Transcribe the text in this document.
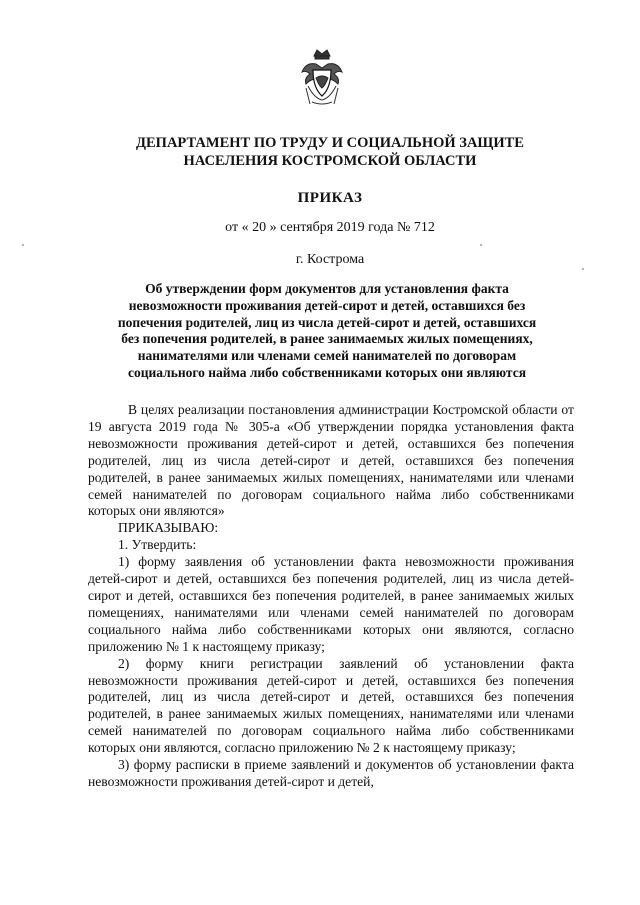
ДЕПАРТАМЕНТ ПО ТРУДУ И СОЦИАЛЬНОЙ ЗАЩИТЕ
НАСЕЛЕНИЯ КОСТРОМСКОЙ ОБЛАСТИ
ПРИКАЗ
от « 20 » сентября 2019 года № 712
г. Кострома
Об утверждении форм документов для установления факта
невозможности проживания детей-сирот и детей, оставшихся без
попечения родителей, лиц из числа детей-сирот и детей, оставшихся
без попечения родителей, в ранее занимаемых жилых помещениях,
нанимателями или членами семей нанимателей по договорам
социального найма либо собственниками которых они являются

В целях реализации постановления администрации Костромской области от 19 августа 2019 года № 305-а «Об утверждении порядка установления факта невозможности проживания детей-сирот и детей, оставшихся без попечения родителей, лиц из числа детей-сирот и детей, оставшихся без попечения родителей, в ранее занимаемых жилых помещениях, нанимателями или членами семей нанимателей по договорам социального найма либо собственниками которых они являются»

ПРИКАЗЫВАЮ:

1. Утвердить:

1) форму заявления об установлении факта невозможности проживания детей-сирот и детей, оставшихся без попечения родителей, лиц из числа детей-сирот и детей, оставшихся без попечения родителей, в ранее занимаемых жилых помещениях, нанимателями или членами семей нанимателей по договорам социального найма либо собственниками которых они являются, согласно приложению № 1 к настоящему приказу;

2) форму книги регистрации заявлений об установлении факта невозможности проживания детей-сирот и детей, оставшихся без попечения родителей, лиц из числа детей-сирот и детей, оставшихся без попечения родителей, в ранее занимаемых жилых помещениях, нанимателями или членами семей нанимателей по договорам социального найма либо собственниками которых они являются, согласно приложению № 2 к настоящему приказу;

3) форму расписки в приеме заявлений и документов об установлении факта невозможности проживания детей-сирот и детей,
